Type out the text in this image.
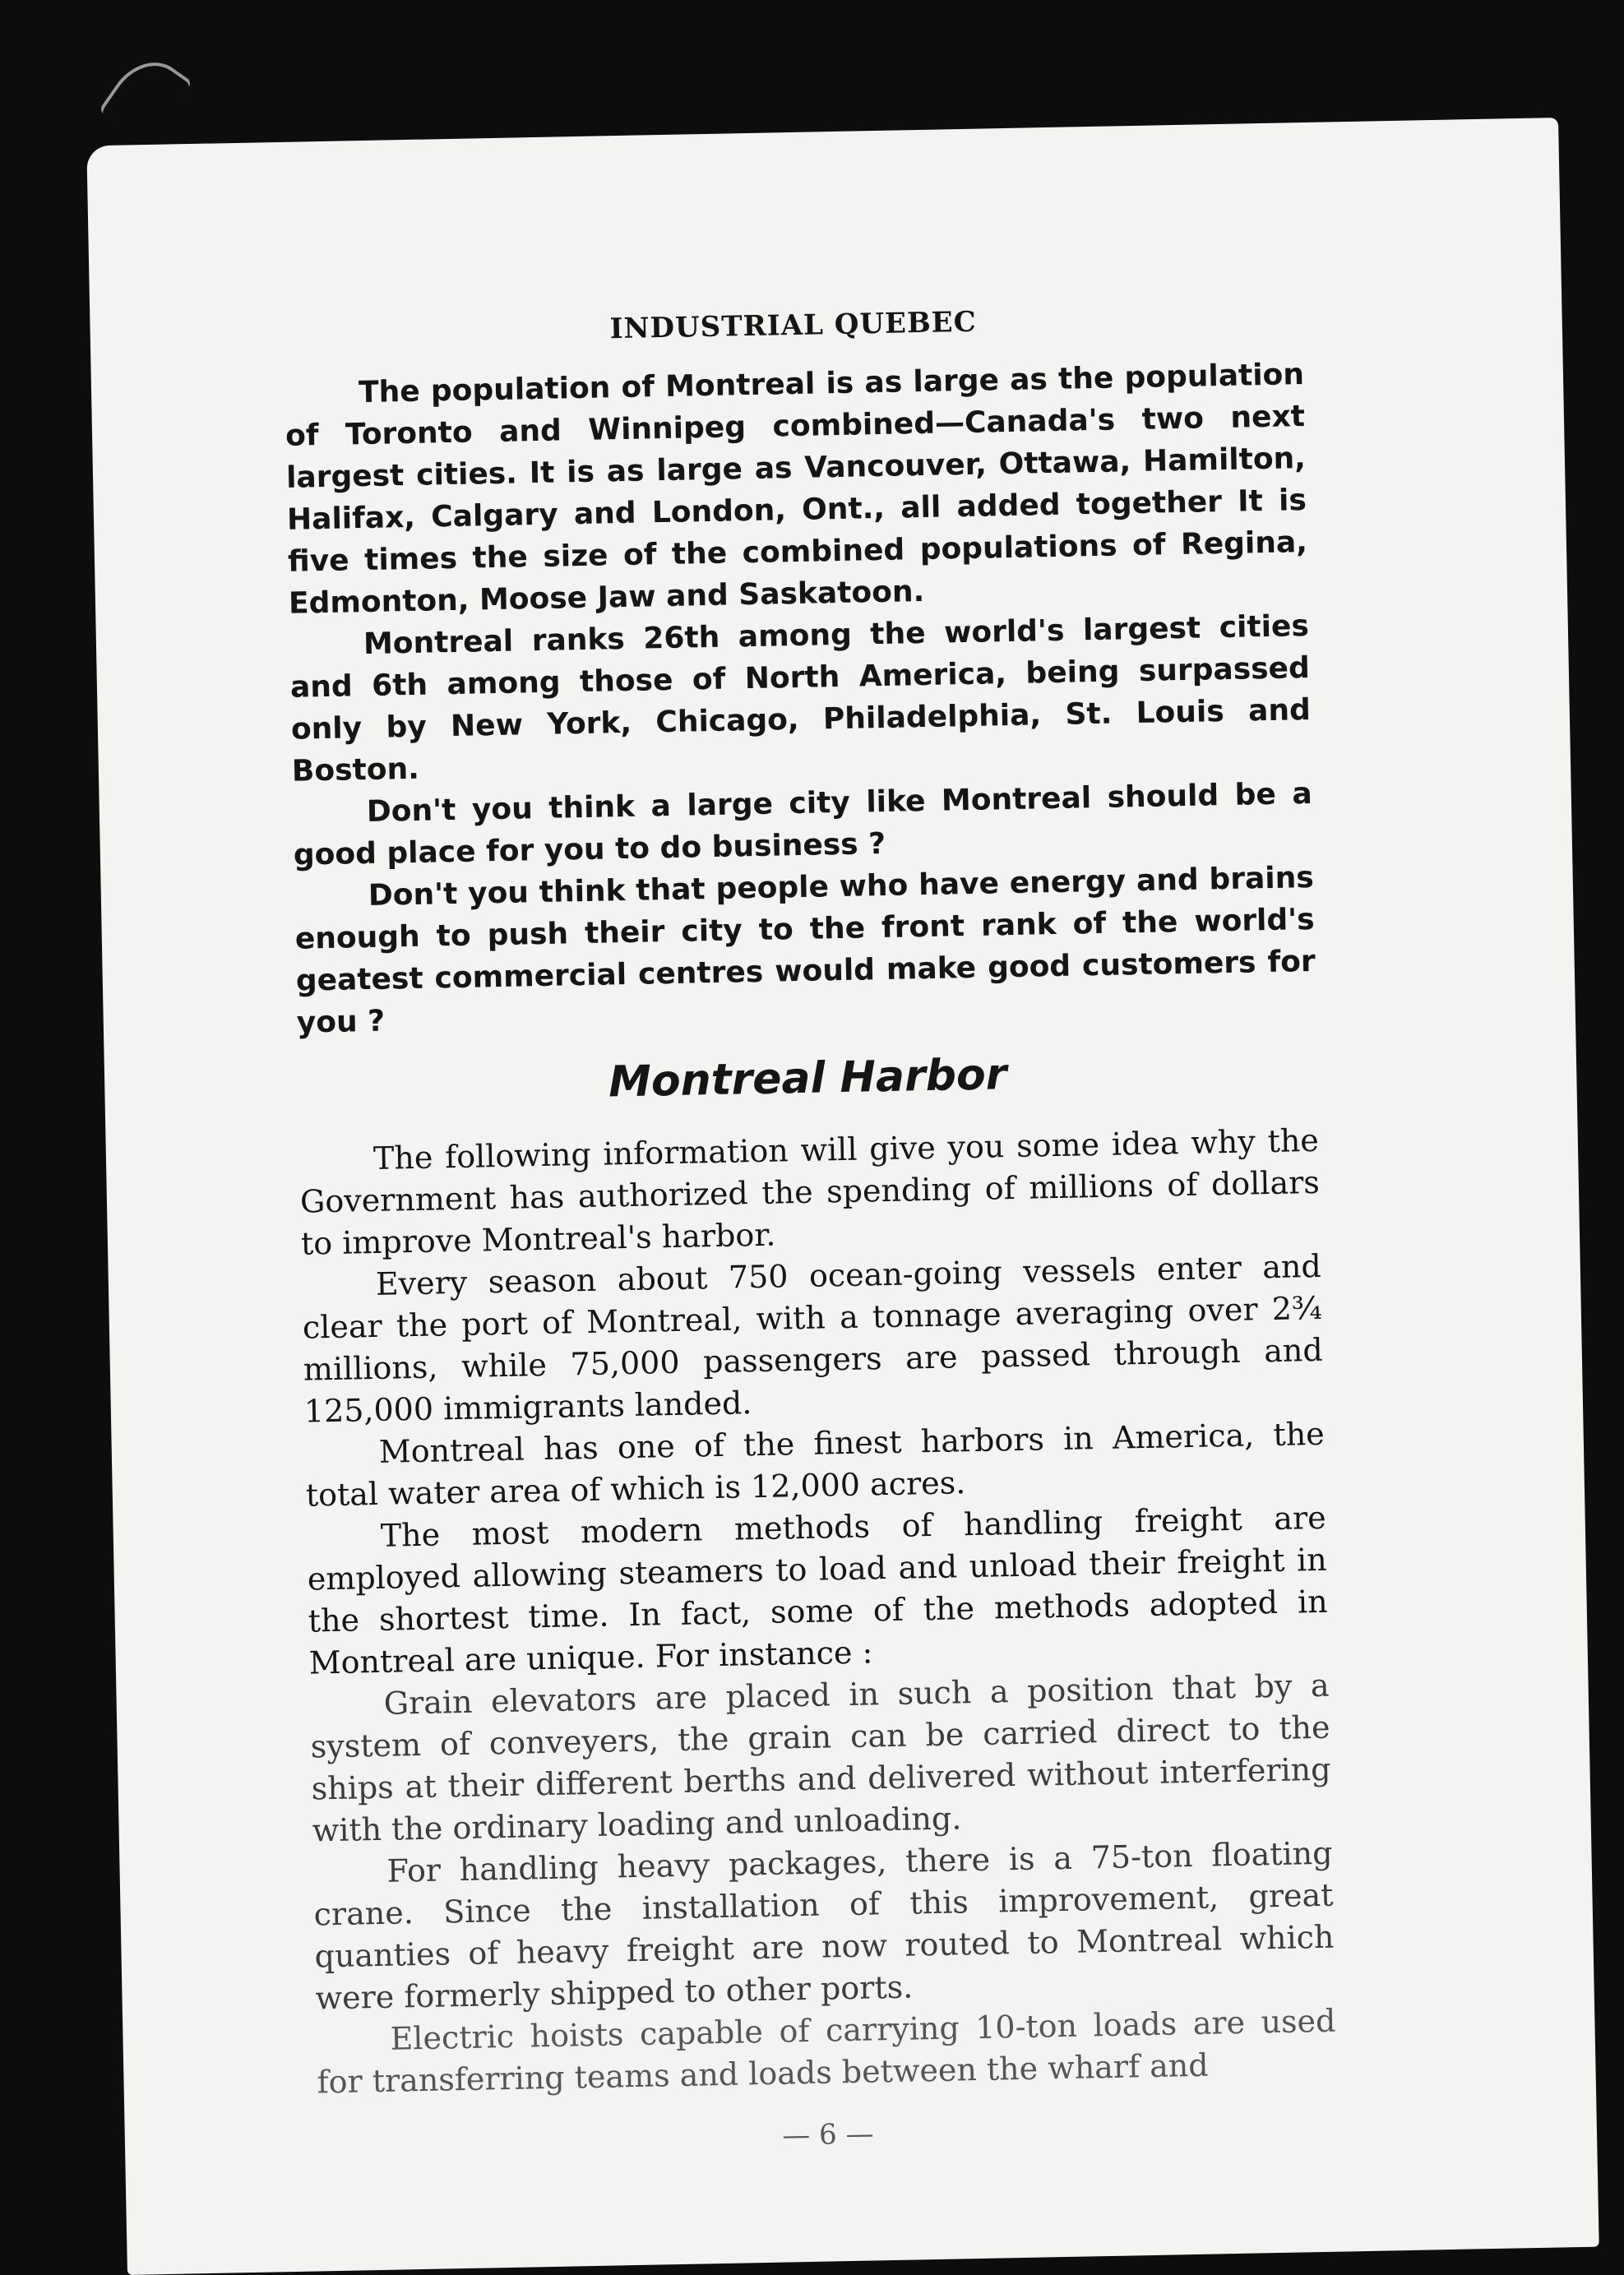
INDUSTRIAL QUEBEC

The population of Montreal is as large as the population of Toronto and Winnipeg combined—Canada's two next largest cities. It is as large as Vancouver, Ottawa, Hamilton, Halifax, Calgary and London, Ont., all added together It is five times the size of the combined populations of Regina, Edmonton, Moose Jaw and Saskatoon.

Montreal ranks 26th among the world's largest cities and 6th among those of North America, being surpassed only by New York, Chicago, Philadelphia, St. Louis and Boston.

Don't you think a large city like Montreal should be a good place for you to do business ?

Don't you think that people who have energy and brains enough to push their city to the front rank of the world's geatest commercial centres would make good customers for you ?

Montreal Harbor

The following information will give you some idea why the Government has authorized the spending of millions of dollars to improve Montreal's harbor.

Every season about 750 ocean-going vessels enter and clear the port of Montreal, with a tonnage averaging over 2¾ millions, while 75,000 passengers are passed through and 125,000 immigrants landed.

Montreal has one of the finest harbors in America, the total water area of which is 12,000 acres.

The most modern methods of handling freight are employed allowing steamers to load and unload their freight in the shortest time. In fact, some of the methods adopted in Montreal are unique. For instance :

Grain elevators are placed in such a position that by a system of conveyers, the grain can be carried direct to the ships at their different berths and delivered without interfering with the ordinary loading and unloading.

For handling heavy packages, there is a 75-ton floating crane. Since the installation of this improvement, great quanties of heavy freight are now routed to Montreal which were formerly shipped to other ports.

Electric hoists capable of carrying 10-ton loads are used for transferring teams and loads between the wharf and

— 6 —
